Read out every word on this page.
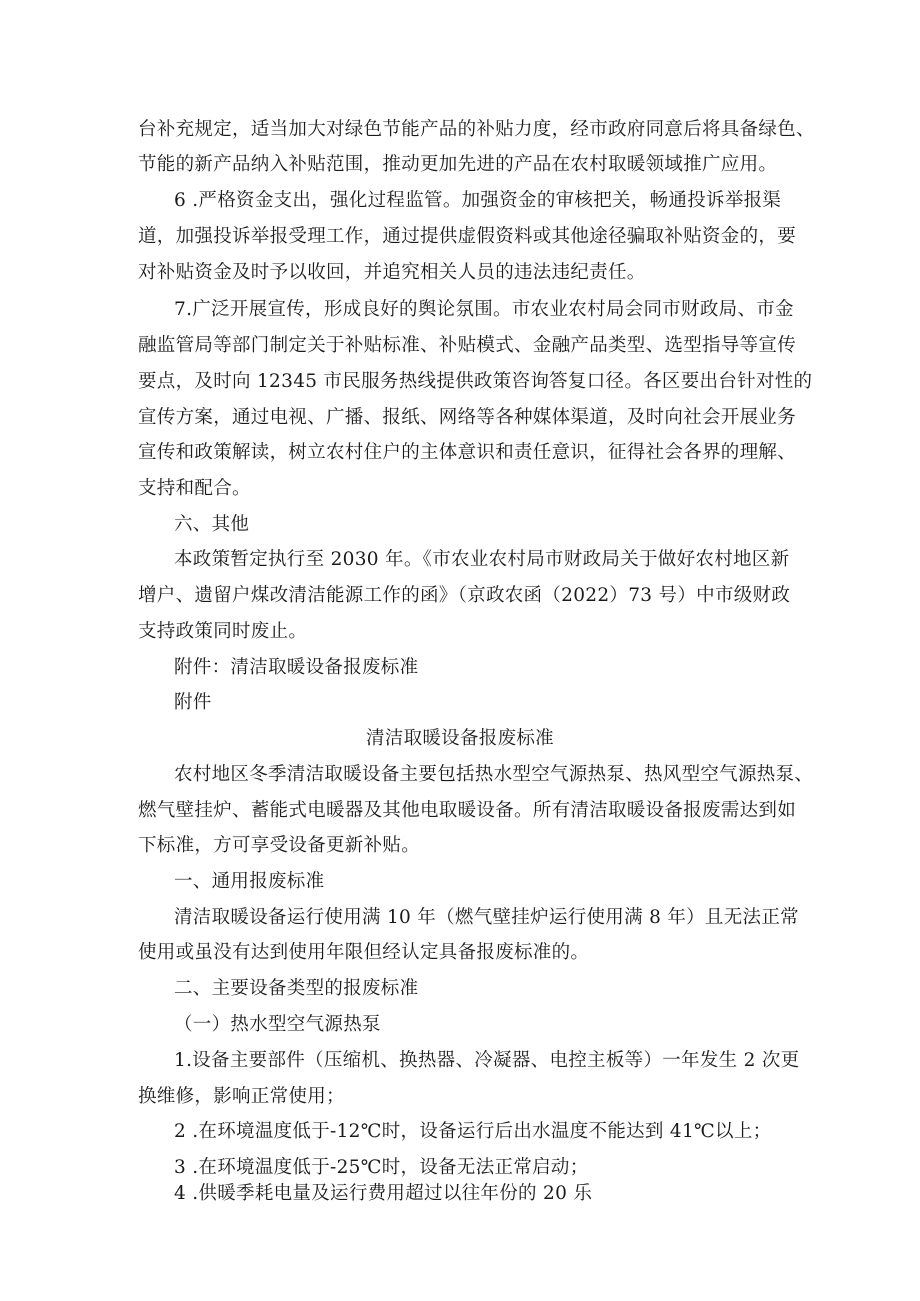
台补充规定，适当加大对绿色节能产品的补贴力度，经市政府同意后将具备绿色、
节能的新产品纳入补贴范围，推动更加先进的产品在农村取暖领域推广应用。
6 .严格资金支出，强化过程监管。加强资金的审核把关，畅通投诉举报渠
道，加强投诉举报受理工作，通过提供虚假资料或其他途径骗取补贴资金的，要
对补贴资金及时予以收回，并追究相关人员的违法违纪责任。
7.广泛开展宣传，形成良好的舆论氛围。市农业农村局会同市财政局、市金
融监管局等部门制定关于补贴标准、补贴模式、金融产品类型、选型指导等宣传
要点，及时向 12345 市民服务热线提供政策咨询答复口径。各区要出台针对性的
宣传方案，通过电视、广播、报纸、网络等各种媒体渠道，及时向社会开展业务
宣传和政策解读，树立农村住户的主体意识和责任意识，征得社会各界的理解、
支持和配合。
六、其他
本政策暂定执行至 2030 年。《市农业农村局市财政局关于做好农村地区新
增户、遗留户煤改清洁能源工作的函》（京政农函（2022）73 号）中市级财政
支持政策同时废止。
附件：清洁取暖设备报废标准
附件
清洁取暖设备报废标准
农村地区冬季清洁取暖设备主要包括热水型空气源热泵、热风型空气源热泵、
燃气壁挂炉、蓄能式电暖器及其他电取暖设备。所有清洁取暖设备报废需达到如
下标准，方可享受设备更新补贴。
一、通用报废标准
清洁取暖设备运行使用满 10 年（燃气壁挂炉运行使用满 8 年）且无法正常
使用或虽没有达到使用年限但经认定具备报废标准的。
二、主要设备类型的报废标准
（一）热水型空气源热泵
1.设备主要部件（压缩机、换热器、冷凝器、电控主板等）一年发生 2 次更
换维修，影响正常使用；
2 .在环境温度低于-12℃时，设备运行后出水温度不能达到 41℃以上；
3 .在环境温度低于-25℃时，设备无法正常启动；
4 .供暖季耗电量及运行费用超过以往年份的 20 乐
